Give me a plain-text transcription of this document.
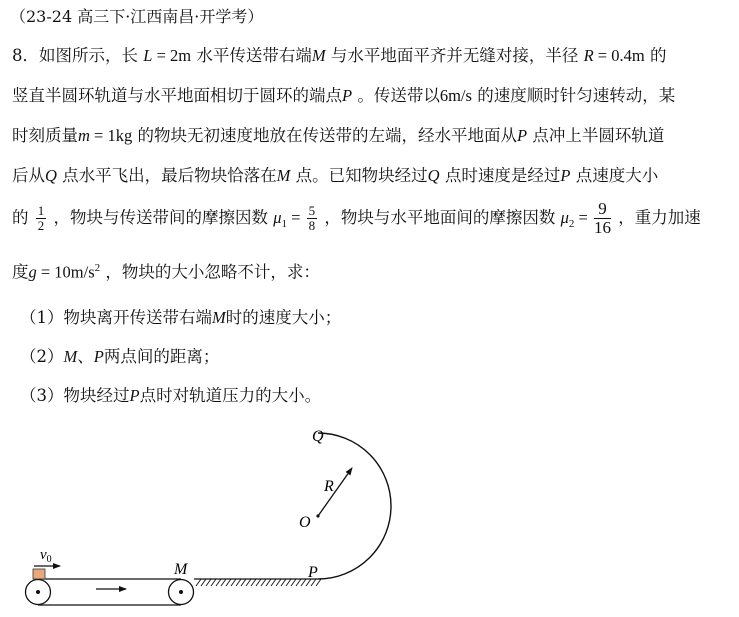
（23-24 高三下·江西南昌·开学考）
8．如图所示，长 L = 2m 水平传送带右端M 与水平地面平齐并无缝对接，半径 R = 0.4m 的
竖直半圆环轨道与水平地面相切于圆环的端点P 。传送带以6m/s 的速度顺时针匀速转动，某
时刻质量m = 1kg 的物块无初速度地放在传送带的左端，经水平地面从P 点冲上半圆环轨道
后从Q 点水平飞出，最后物块恰落在M 点。已知物块经过Q 点时速度是经过P 点速度大小
的 $\frac{1}{2}$ ，物块与传送带间的摩擦因数 $\mu_1 = \frac{5}{8}$ ，物块与水平地面间的摩擦因数 $\mu_2 = \frac{9}{16}$ ，重力加速
度$g = 10m/s^2$ ，物块的大小忽略不计，求：
（1）物块离开传送带右端M时的速度大小；
（2）M、P两点间的距离；
（3）物块经过P点时对轨道压力的大小。
$v_0$
Q
R
O
M	P
